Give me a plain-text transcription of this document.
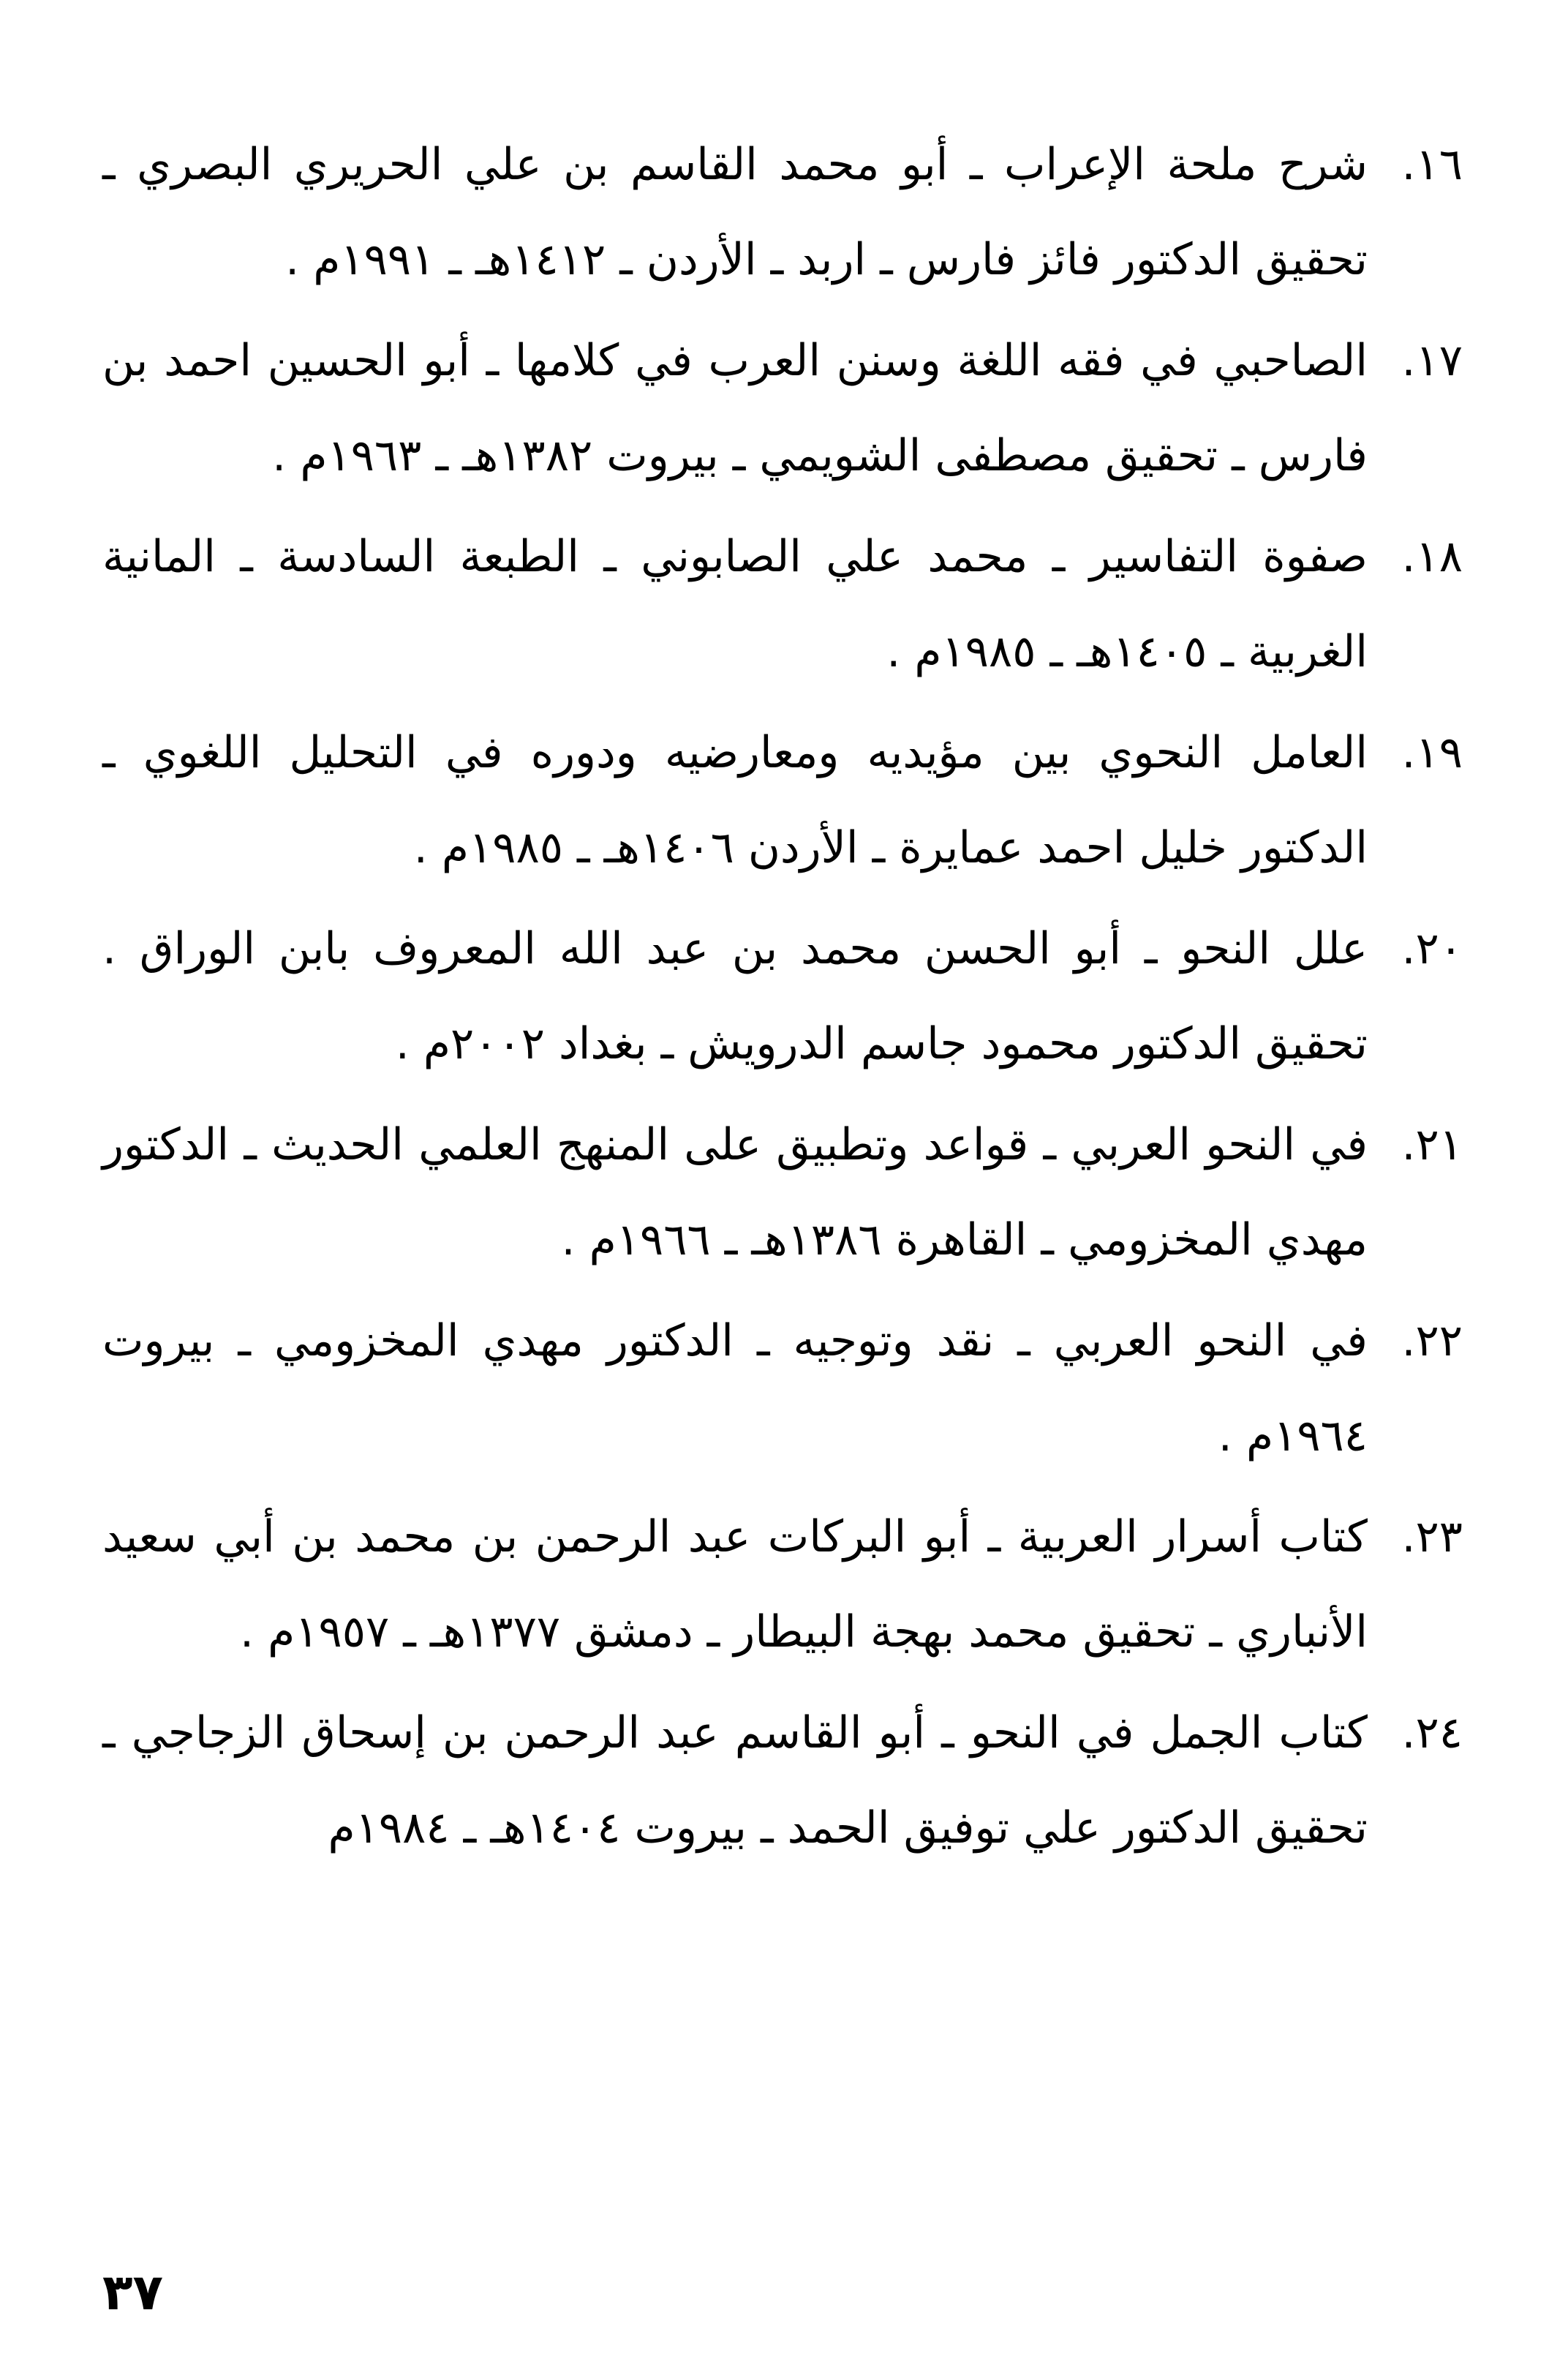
١٦.
شرح ملحة الإعراب ـ أبو محمد القاسم بن علي الحريري البصري ـ تحقيق الدكتور فائز فارس ـ اربد ـ الأردن ـ ١٤١٢هـ ـ ١٩٩١م .
١٧.
الصاحبي في فقه اللغة وسنن العرب في كلامها ـ أبو الحسين احمد بن فارس ـ تحقيق مصطفى الشويمي ـ بيروت ١٣٨٢هـ ـ ١٩٦٣م .
١٨.
صفوة التفاسير ـ محمد علي الصابوني ـ الطبعة السادسة ـ المانية الغربية ـ ١٤٠٥هـ ـ ١٩٨٥م .
١٩.
العامل النحوي بين مؤيديه ومعارضيه ودوره في التحليل اللغوي ـ الدكتور خليل احمد عمايرة ـ الأردن ١٤٠٦هـ ـ ١٩٨٥م .
٢٠.
علل النحو ـ أبو الحسن محمد بن عبد الله المعروف بابن الوراق . تحقيق الدكتور محمود جاسم الدرويش ـ بغداد ٢٠٠٢م .
٢١.
في النحو العربي ـ قواعد وتطبيق على المنهج العلمي الحديث ـ الدكتور مهدي المخزومي ـ القاهرة ١٣٨٦هـ ـ ١٩٦٦م .
٢٢.
في النحو العربي ـ نقد وتوجيه ـ الدكتور مهدي المخزومي ـ بيروت ١٩٦٤م .
٢٣.
كتاب أسرار العربية ـ أبو البركات عبد الرحمن بن محمد بن أبي سعيد الأنباري ـ تحقيق محمد بهجة البيطار ـ دمشق ١٣٧٧هـ ـ ١٩٥٧م .
٢٤.
كتاب الجمل في النحو ـ أبو القاسم عبد الرحمن بن إسحاق الزجاجي ـ تحقيق الدكتور علي توفيق الحمد ـ بيروت ١٤٠٤هـ ـ ١٩٨٤م
٣٧
